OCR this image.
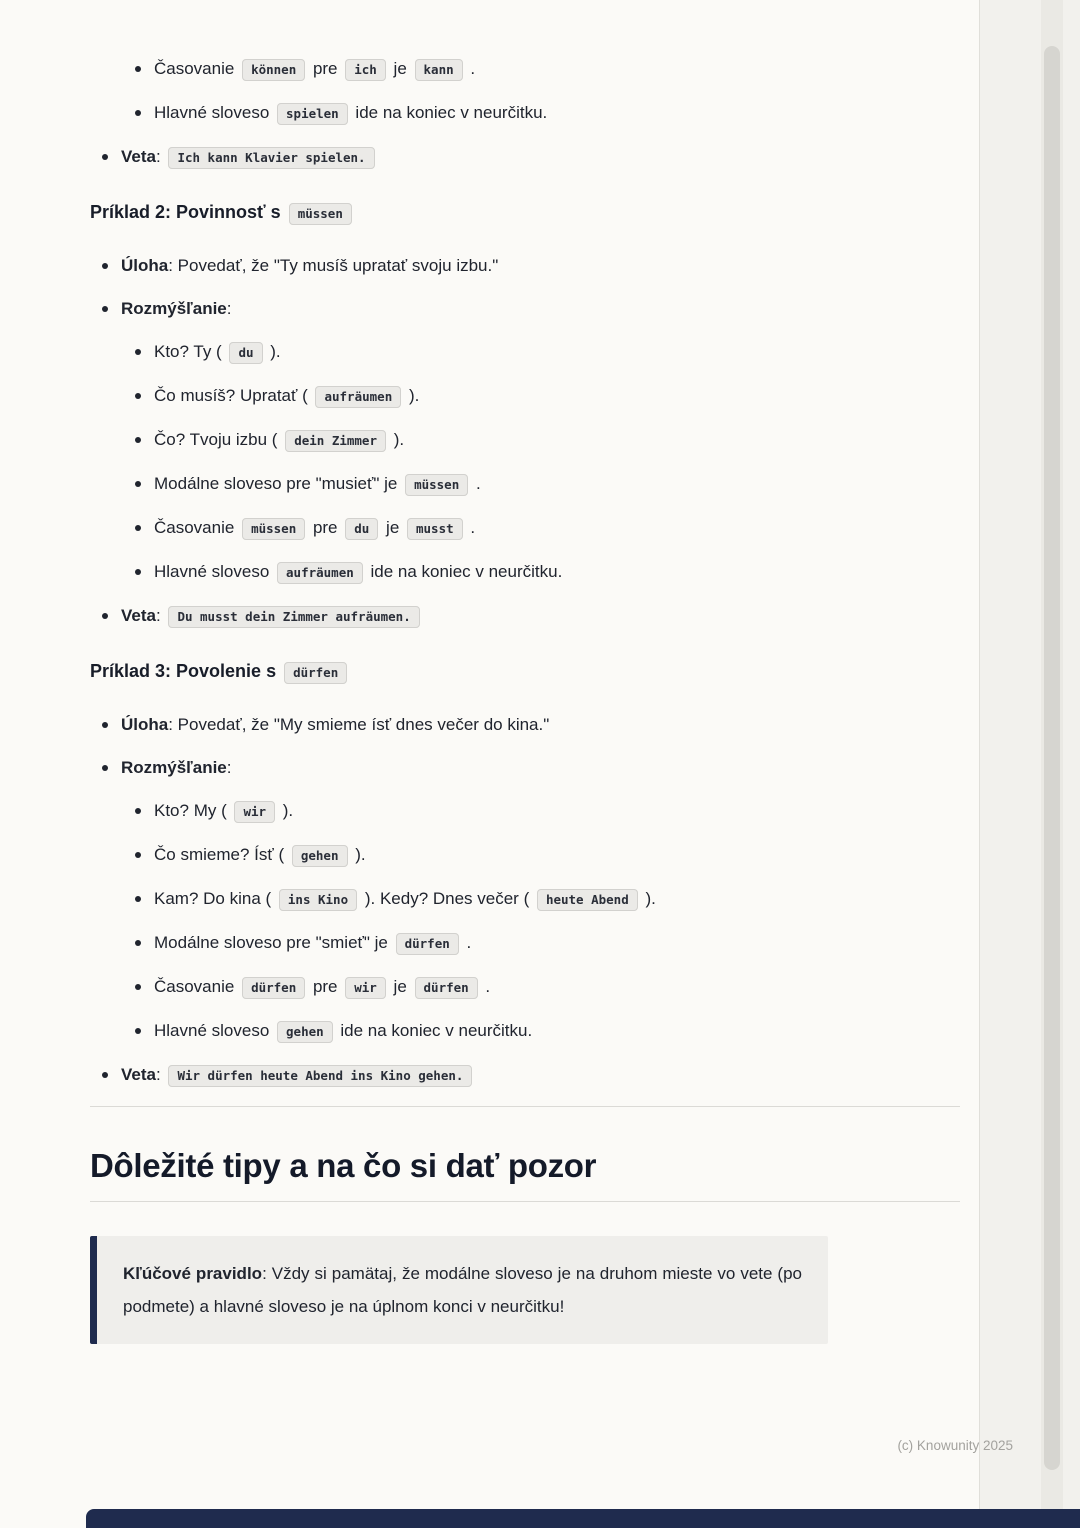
Časovanie können pre ich je kann .
Hlavné sloveso spielen ide na koniec v neurčitku.
Veta: Ich kann Klavier spielen.
Príklad 2: Povinnosť s müssen
Úloha: Povedať, že "Ty musíš upratať svoju izbu."
Rozmýšľanie:
Kto? Ty ( du ).
Čo musíš? Upratať ( aufräumen ).
Čo? Tvoju izbu ( dein Zimmer ).
Modálne sloveso pre "musieť" je müssen .
Časovanie müssen pre du je musst .
Hlavné sloveso aufräumen ide na koniec v neurčitku.
Veta: Du musst dein Zimmer aufräumen.
Príklad 3: Povolenie s dürfen
Úloha: Povedať, že "My smieme ísť dnes večer do kina."
Rozmýšľanie:
Kto? My ( wir ).
Čo smieme? Ísť ( gehen ).
Kam? Do kina ( ins Kino ). Kedy? Dnes večer ( heute Abend ).
Modálne sloveso pre "smieť" je dürfen .
Časovanie dürfen pre wir je dürfen .
Hlavné sloveso gehen ide na koniec v neurčitku.
Veta: Wir dürfen heute Abend ins Kino gehen.
Dôležité tipy a na čo si dať pozor

Kľúčové pravidlo: Vždy si pamätaj, že modálne sloveso je na druhom mieste vo vete (po podmete) a hlavné sloveso je na úplnom konci v neurčitku!

(c) Knowunity 2025
